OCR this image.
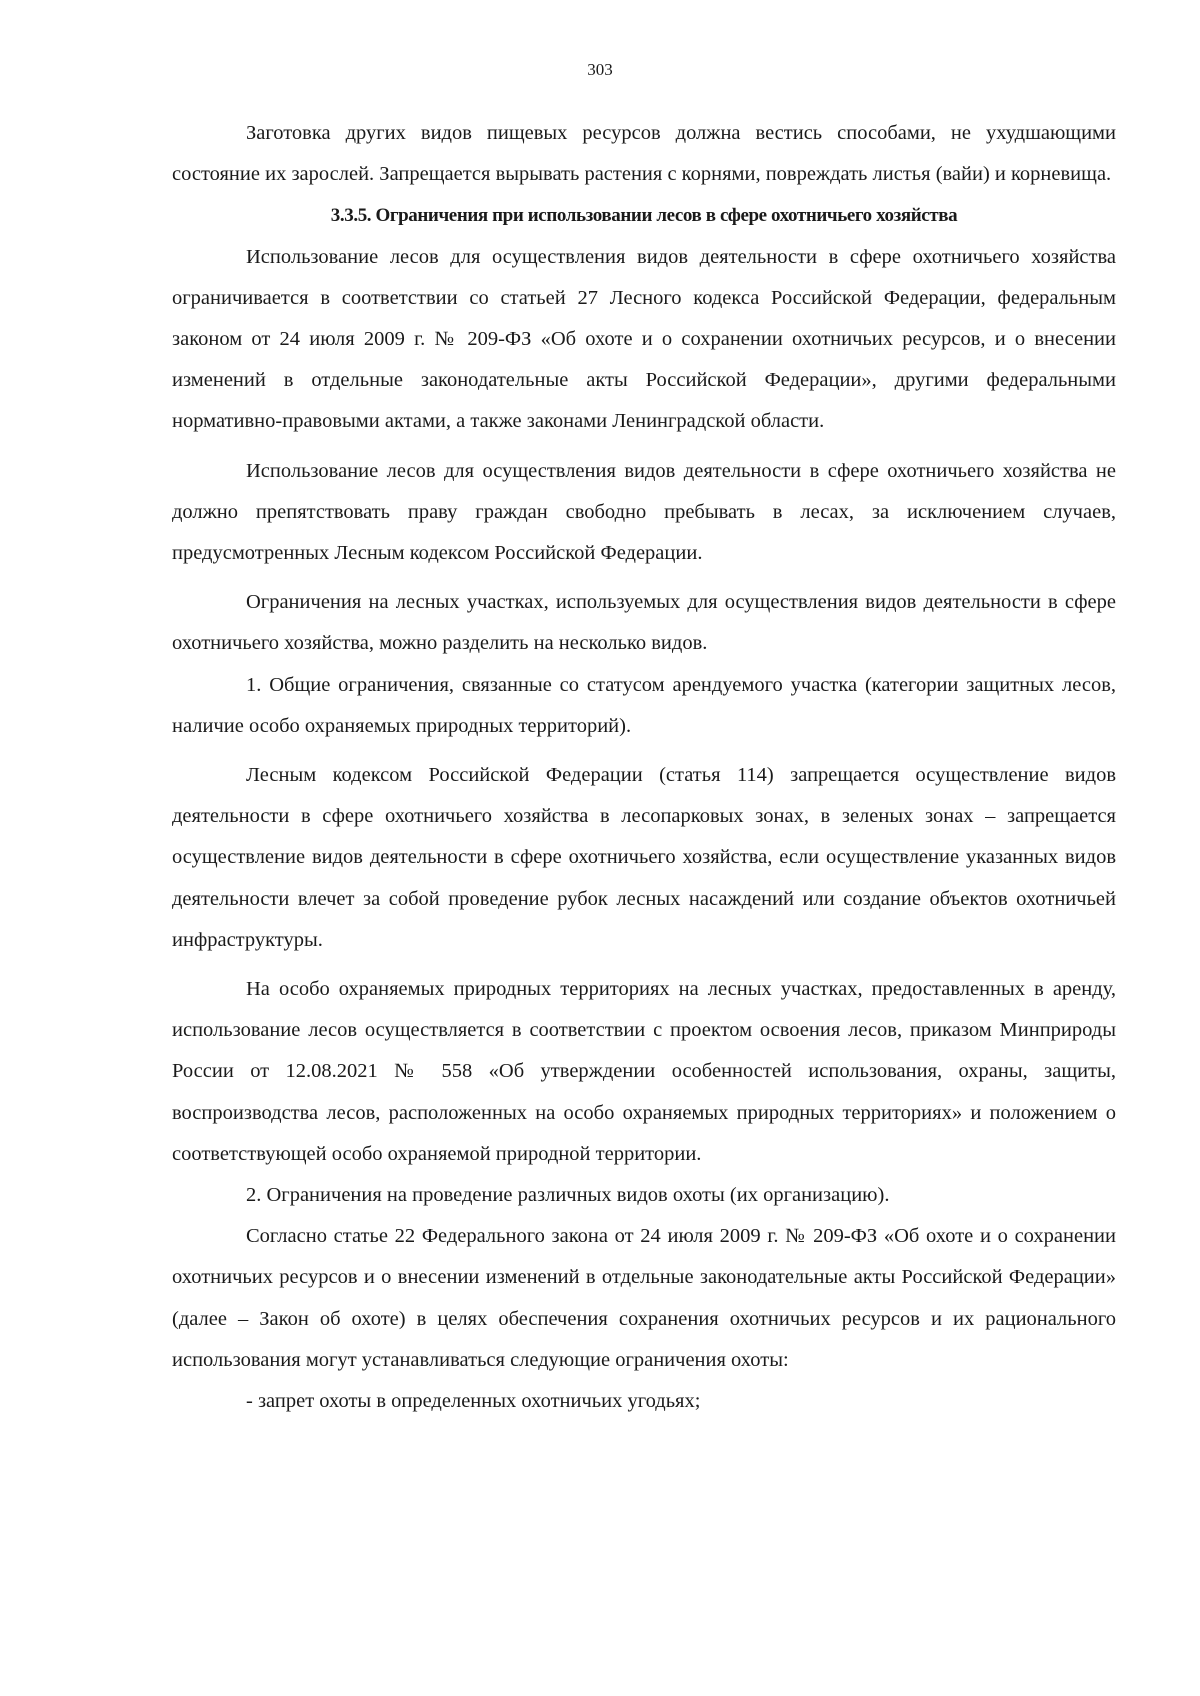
303

Заготовка других видов пищевых ресурсов должна вестись способами, не ухудшающими состояние их зарослей. Запрещается вырывать растения с корнями, повреждать листья (вайи) и корневища.

3.3.5. Ограничения при использовании лесов в сфере охотничьего хозяйства

Использование лесов для осуществления видов деятельности в сфере охотничьего хозяйства ограничивается в соответствии со статьей 27 Лесного кодекса Российской Федерации, федеральным законом от 24 июля 2009 г. № 209-ФЗ «Об охоте и о сохранении охотничьих ресурсов, и о внесении изменений в отдельные законодательные акты Российской Федерации», другими федеральными нормативно-правовыми актами, а также законами Ленинградской области.

Использование лесов для осуществления видов деятельности в сфере охотничьего хозяйства не должно препятствовать праву граждан свободно пребывать в лесах, за исключением случаев, предусмотренных Лесным кодексом Российской Федерации.

Ограничения на лесных участках, используемых для осуществления видов деятельности в сфере охотничьего хозяйства, можно разделить на несколько видов.

1. Общие ограничения, связанные со статусом арендуемого участка (категории защитных лесов, наличие особо охраняемых природных территорий).

Лесным кодексом Российской Федерации (статья 114) запрещается осуществление видов деятельности в сфере охотничьего хозяйства в лесопарковых зонах, в зеленых зонах – запрещается осуществление видов деятельности в сфере охотничьего хозяйства, если осуществление указанных видов деятельности влечет за собой проведение рубок лесных насаждений или создание объектов охотничьей инфраструктуры.

На особо охраняемых природных территориях на лесных участках, предоставленных в аренду, использование лесов осуществляется в соответствии с проектом освоения лесов, приказом Минприроды России от 12.08.2021 № 558 «Об утверждении особенностей использования, охраны, защиты, воспроизводства лесов, расположенных на особо охраняемых природных территориях» и положением о соответствующей особо охраняемой природной территории.

2. Ограничения на проведение различных видов охоты (их организацию).

Согласно статье 22 Федерального закона от 24 июля 2009 г. № 209-ФЗ «Об охоте и о сохранении охотничьих ресурсов и о внесении изменений в отдельные законодательные акты Российской Федерации» (далее – Закон об охоте) в целях обеспечения сохранения охотничьих ресурсов и их рационального использования могут устанавливаться следующие ограничения охоты:

- запрет охоты в определенных охотничьих угодьях;
